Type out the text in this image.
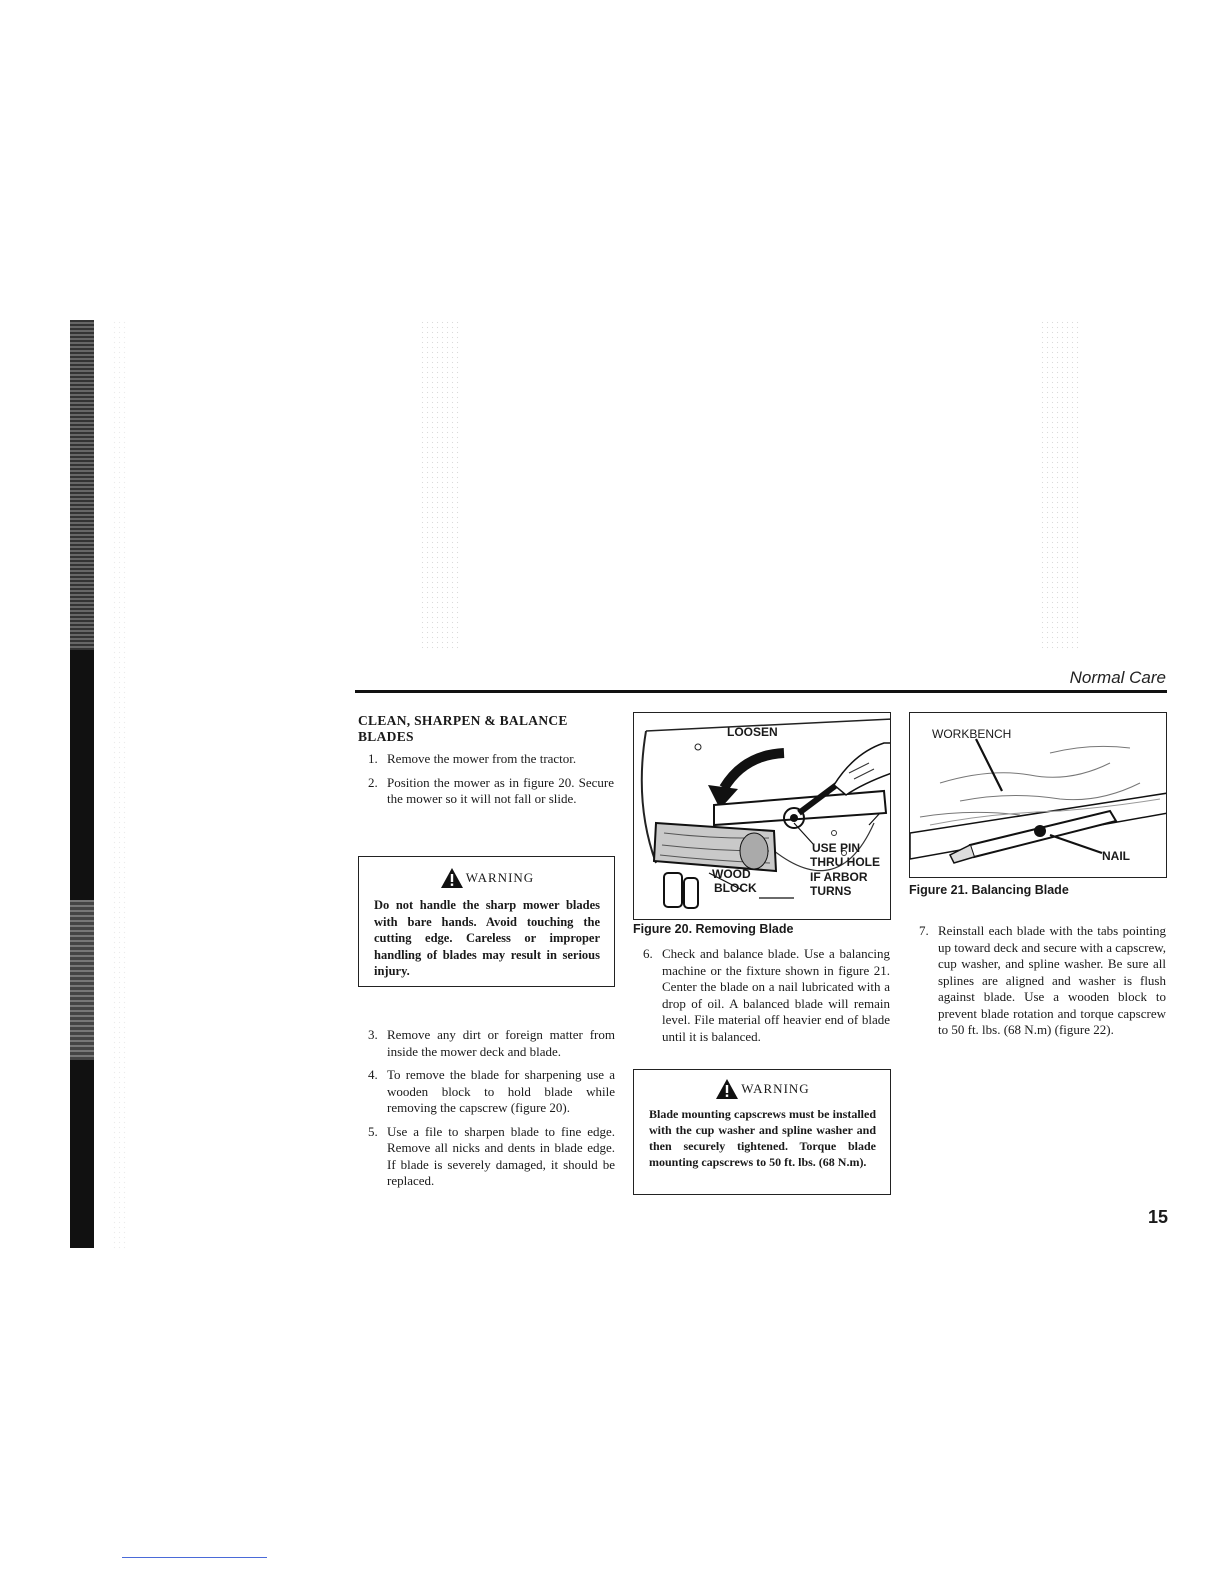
Normal Care
CLEAN, SHARPEN & BALANCE
BLADES
1. Remove the mower from the tractor.
2. Position the mower as in figure 20. Secure the mower so it will not fall or slide.
WARNING
Do not handle the sharp mower blades with bare hands. Avoid touching the cutting edge. Careless or improper handling of blades may result in serious injury.
3. Remove any dirt or foreign matter from inside the mower deck and blade.
4. To remove the blade for sharpening use a wooden block to hold blade while removing the capscrew (figure 20).
5. Use a file to sharpen blade to fine edge. Remove all nicks and dents in blade edge. If blade is severely damaged, it should be replaced.
LOOSEN
USE PIN
THRU HOLE
IF ARBOR
TURNS
WOOD
BLOCK
Figure 20. Removing Blade
6. Check and balance blade. Use a balancing machine or the fixture shown in figure 21. Center the blade on a nail lubricated with a drop of oil. A balanced blade will remain level. File material off heavier end of blade until it is balanced.
WARNING
Blade mounting capscrews must be installed with the cup washer and spline washer and then securely tightened. Torque blade mounting capscrews to 50 ft. lbs. (68 N.m).
WORKBENCH
NAIL
Figure 21. Balancing Blade
7. Reinstall each blade with the tabs pointing up toward deck and secure with a capscrew, cup washer, and spline washer. Be sure all splines are aligned and washer is flush against blade. Use a wooden block to prevent blade rotation and torque capscrew to 50 ft. lbs. (68 N.m) (figure 22).
15
